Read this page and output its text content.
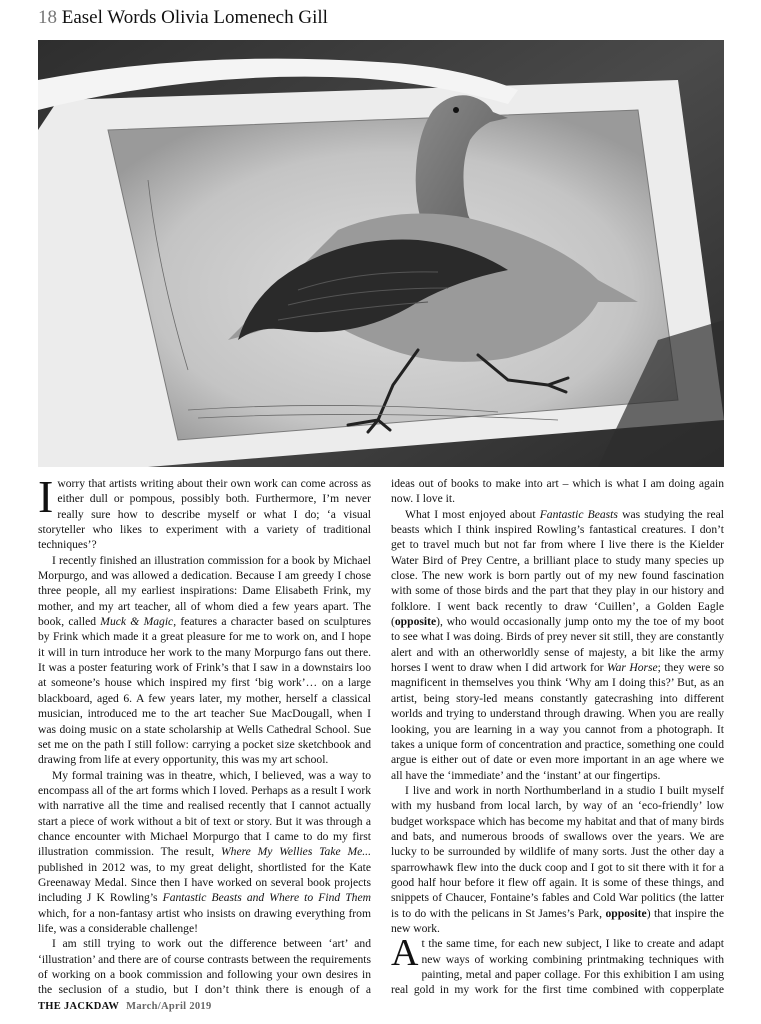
18 Easel Words Olivia Lomenech Gill

Iworry that artists writing about their own work can come across as either dull or pompous, possibly both. Furthermore, I’m never really sure how to describe myself or what I do; ‘a visual storyteller who likes to experiment with a variety of traditional techniques’?

I recently finished an illustration commission for a book by Michael Morpurgo, and was allowed a dedication. Because I am greedy I chose three people, all my earliest inspirations: Dame Elisabeth Frink, my mother, and my art teacher, all of whom died a few years apart. The book, called Muck & Magic, features a character based on sculptures by Frink which made it a great pleasure for me to work on, and I hope it will in turn introduce her work to the many Morpurgo fans out there. It was a poster featuring work of Frink’s that I saw in a downstairs loo at someone’s house which inspired my first ‘big work’… on a large blackboard, aged 6. A few years later, my mother, herself a classical musician, introduced me to the art teacher Sue MacDougall, when I was doing music on a state scholarship at Wells Cathedral School. Sue set me on the path I still follow: carrying a pocket size sketchbook and drawing from life at every opportunity, this was my art school.

My formal training was in theatre, which, I believed, was a way to encompass all of the art forms which I loved. Perhaps as a result I work with narrative all the time and realised recently that I cannot actually start a piece of work without a bit of text or story. But it was through a chance encounter with Michael Morpurgo that I came to do my first illustration commission. The result, Where My Wellies Take Me... published in 2012 was, to my great delight, shortlisted for the Kate Greenaway Medal. Since then I have worked on several book projects including J K Rowling’s Fantastic Beasts and Where to Find Them which, for a non-fantasy artist who insists on drawing everything from life, was a considerable challenge!

I am still trying to work out the difference between ‘art’ and ‘illustration’ and there are of course contrasts between the requirements of working on a book commission and following your own desires in the seclusion of a studio, but I don’t think there is enough of a

ideas out of books to make into art – which is what I am doing again now. I love it.

What I most enjoyed about Fantastic Beasts was studying the real beasts which I think inspired Rowling’s fantastical creatures. I don’t get to travel much but not far from where I live there is the Kielder Water Bird of Prey Centre, a brilliant place to study many species up close. The new work is born partly out of my new found fascination with some of those birds and the part that they play in our history and folklore. I went back recently to draw ‘Cuillen’, a Golden Eagle (opposite), who would occasionally jump onto my the toe of my boot to see what I was doing. Birds of prey never sit still, they are constantly alert and with an otherworldly sense of majesty, a bit like the army horses I went to draw when I did artwork for War Horse; they were so magnificent in themselves you think ‘Why am I doing this?’ But, as an artist, being story-led means constantly gatecrashing into different worlds and trying to understand through drawing. When you are really looking, you are learning in a way you cannot from a photograph. It takes a unique form of concentration and practice, something one could argue is either out of date or even more important in an age where we all have the ‘immediate’ and the ‘instant’ at our fingertips.

I live and work in north Northumberland in a studio I built myself with my husband from local larch, by way of an ‘eco-friendly’ low budget workspace which has become my habitat and that of many birds and bats, and numerous broods of swallows over the years. We are lucky to be surrounded by wildlife of many sorts. Just the other day a sparrowhawk flew into the duck coop and I got to sit there with it for a good half hour before it flew off again. It is some of these things, and snippets of Chaucer, Fontaine’s fables and Cold War politics (the latter is to do with the pelicans in St James’s Park, opposite) that inspire the new work.

At the same time, for each new subject, I like to create and adapt new ways of working combining printmaking techniques with painting, metal and paper collage. For this exhibition I am using real gold in my work for the first time combined with copperplate

THE JACKDAW March/April 2019
